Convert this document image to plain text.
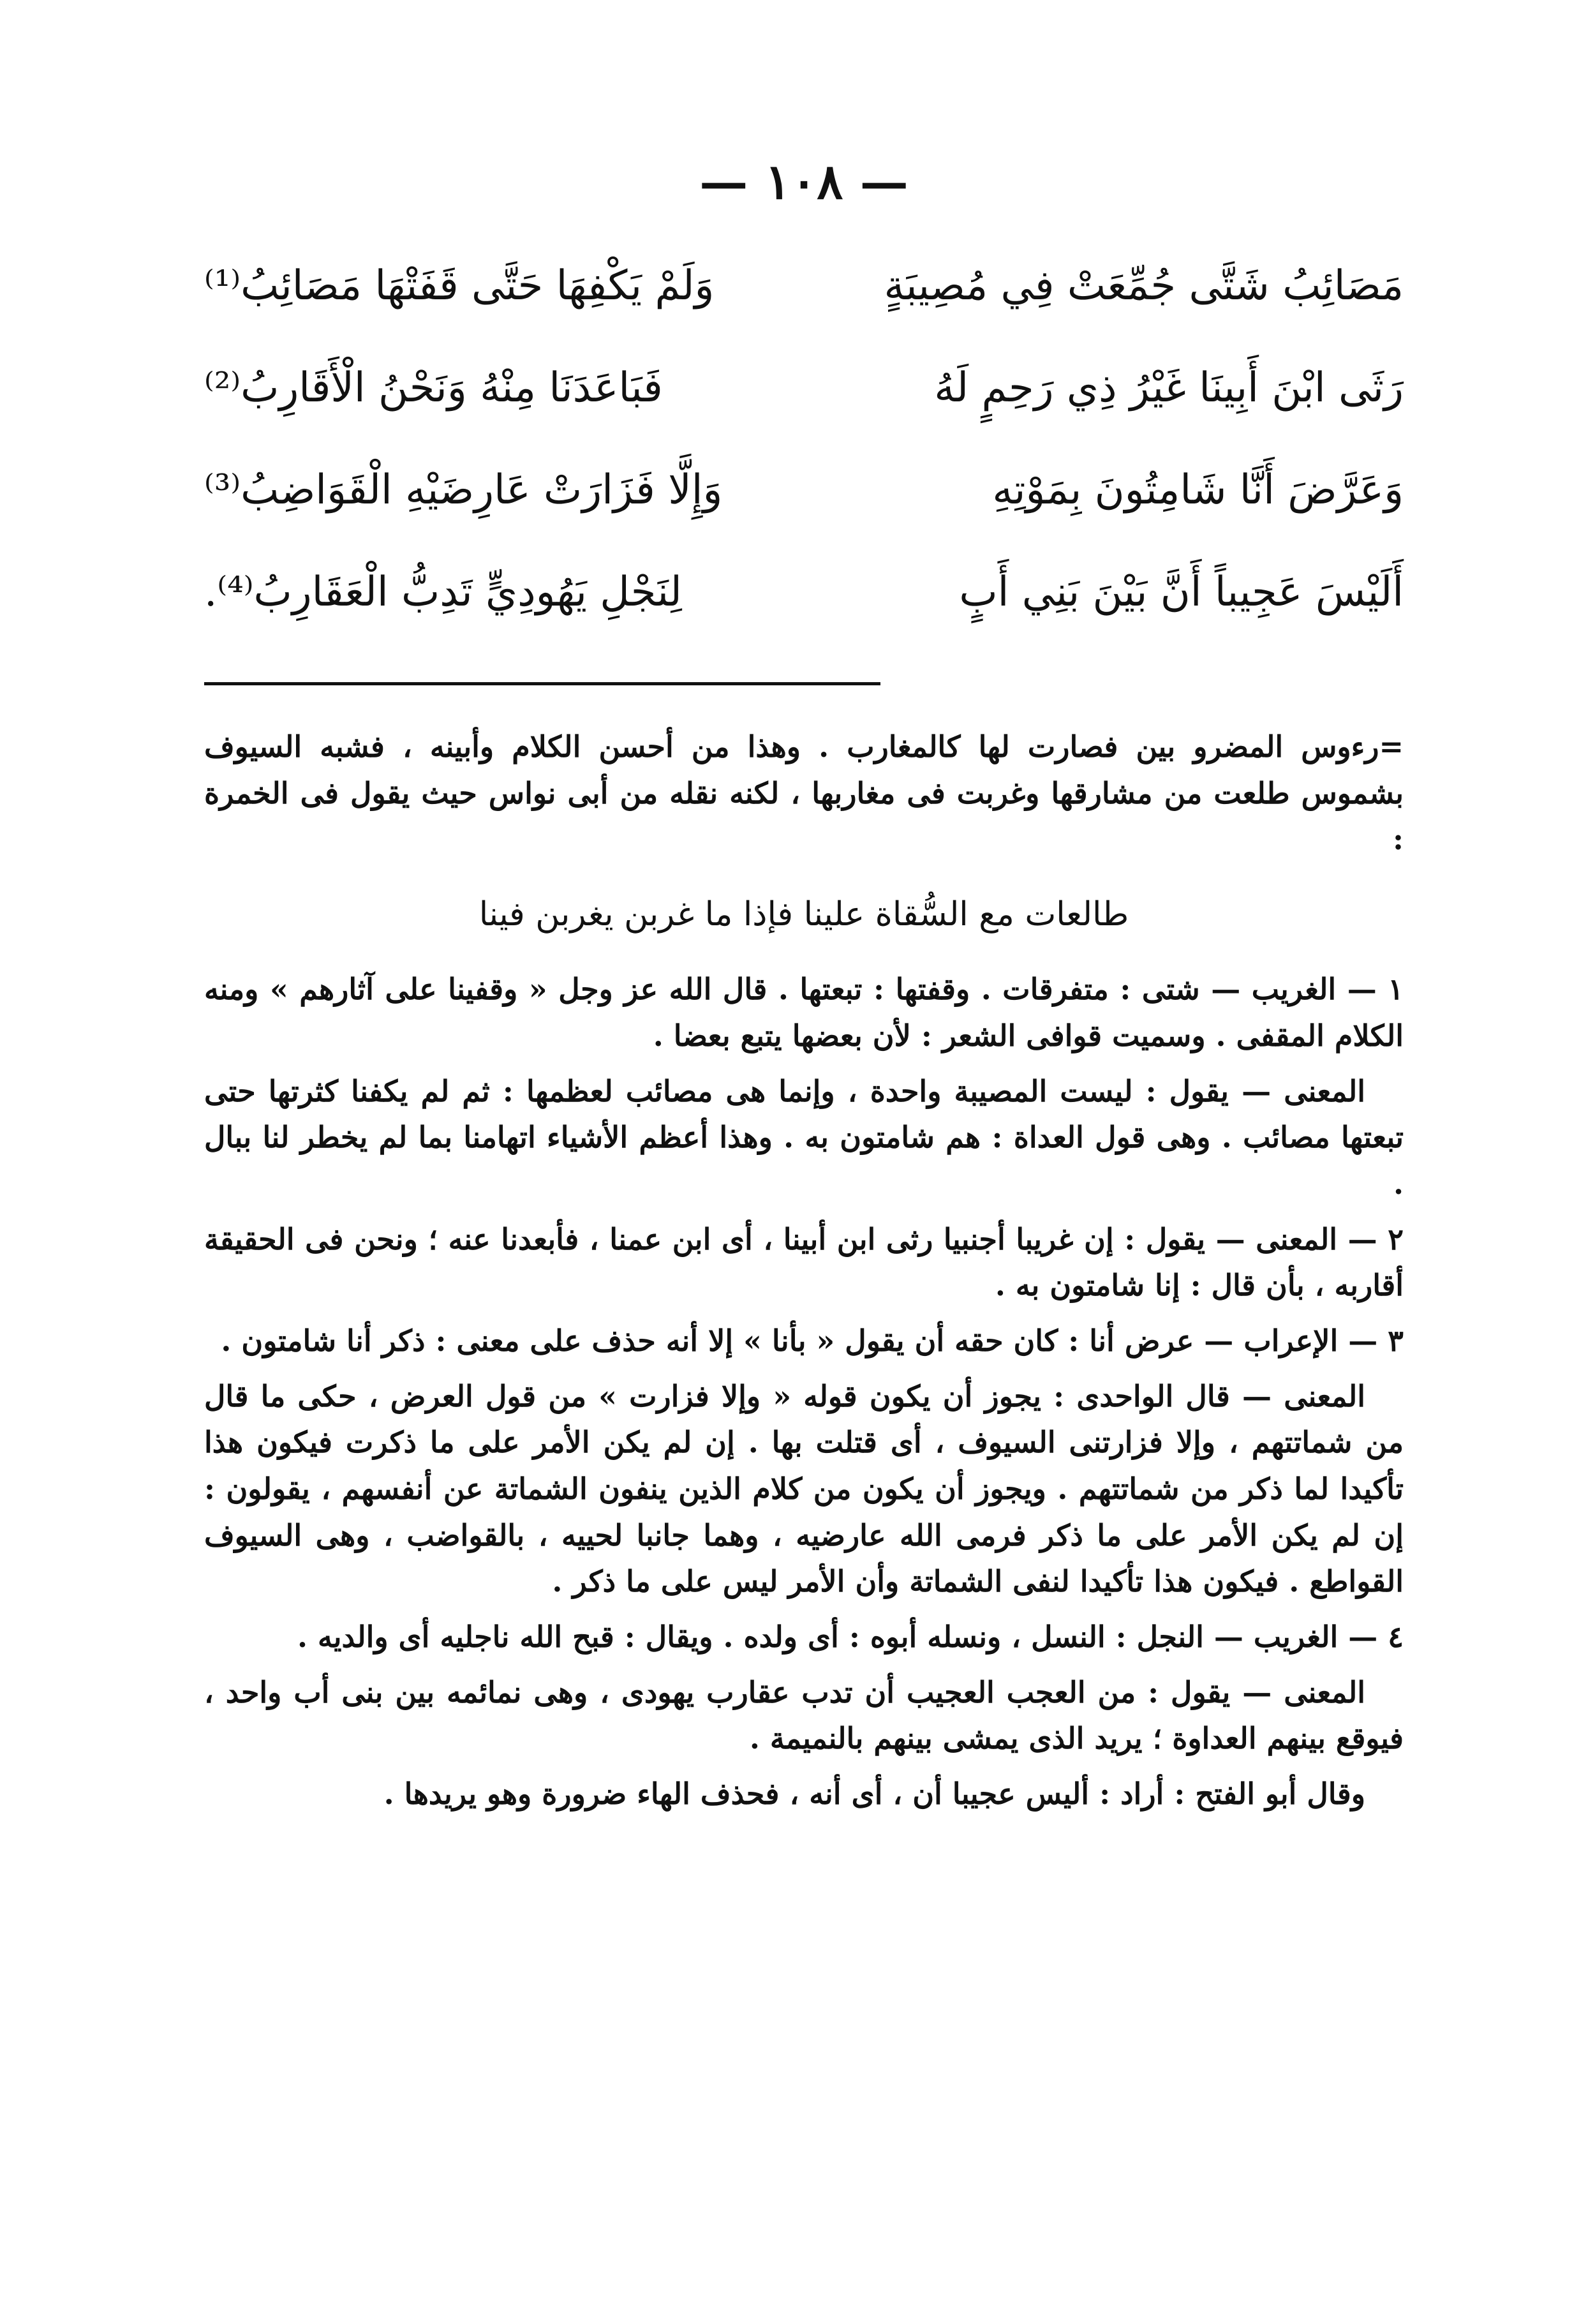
— ١٠٨ —
مَصَائِبُ شَتَّى جُمِّعَتْ فِي مُصِيبَةٍ
وَلَمْ يَكْفِهَا حَتَّى قَفَتْهَا مَصَائِبُ⁽¹⁾
رَثَى ابْنَ أَبِينَا غَيْرُ ذِي رَحِمٍ لَهُ
فَبَاعَدَنَا مِنْهُ وَنَحْنُ الْأَقَارِبُ⁽²⁾
وَعَرَّضَ أَنَّا شَامِتُونَ بِمَوْتِهِ
وَإِلَّا فَزَارَتْ عَارِضَيْهِ الْقَوَاضِبُ⁽³⁾
أَلَيْسَ عَجِيباً أَنَّ بَيْنَ بَنِي أَبٍ
لِنَجْلِ يَهُودِيٍّ تَدِبُّ الْعَقَارِبُ⁽⁴⁾.

=رءوس المضرو بين فصارت لها كالمغارب . وهذا من أحسن الكلام وأبينه ، فشبه السيوف بشموس طلعت من مشارقها وغربت فى مغاربها ، لكنه نقله من أبى نواس حيث يقول فى الخمرة :

طالعات مع السُّقاة علينا فإذا ما غربن يغربن فينا

١ — الغريب — شتى : متفرقات . وقفتها : تبعتها . قال الله عز وجل « وقفينا على آثارهم » ومنه الكلام المقفى . وسميت قوافى الشعر : لأن بعضها يتبع بعضا .

المعنى — يقول : ليست المصيبة واحدة ، وإنما هى مصائب لعظمها : ثم لم يكفنا كثرتها حتى تبعتها مصائب . وهى قول العداة : هم شامتون به . وهذا أعظم الأشياء اتهامنا بما لم يخطر لنا ببال .

٢ — المعنى — يقول : إن غريبا أجنبيا رثى ابن أبينا ، أى ابن عمنا ، فأبعدنا عنه ؛ ونحن فى الحقيقة أقاربه ، بأن قال : إنا شامتون به .

٣ — الإعراب — عرض أنا : كان حقه أن يقول « بأنا » إلا أنه حذف على معنى : ذكر أنا شامتون .

المعنى — قال الواحدى : يجوز أن يكون قوله « وإلا فزارت » من قول العرض ، حكى ما قال من شماتتهم ، وإلا فزارتنى السيوف ، أى قتلت بها . إن لم يكن الأمر على ما ذكرت فيكون هذا تأكيدا لما ذكر من شماتتهم . ويجوز أن يكون من كلام الذين ينفون الشماتة عن أنفسهم ، يقولون : إن لم يكن الأمر على ما ذكر فرمى الله عارضيه ، وهما جانبا لحييه ، بالقواضب ، وهى السيوف القواطع . فيكون هذا تأكيدا لنفى الشماتة وأن الأمر ليس على ما ذكر .

٤ — الغريب — النجل : النسل ، ونسله أبوه : أى ولده . ويقال : قبح الله ناجليه أى والديه .

المعنى — يقول : من العجب العجيب أن تدب عقارب يهودى ، وهى نمائمه بين بنى أب واحد ، فيوقع بينهم العداوة ؛ يريد الذى يمشى بينهم بالنميمة .

وقال أبو الفتح : أراد : أليس عجيبا أن ، أى أنه ، فحذف الهاء ضرورة وهو يريدها .
